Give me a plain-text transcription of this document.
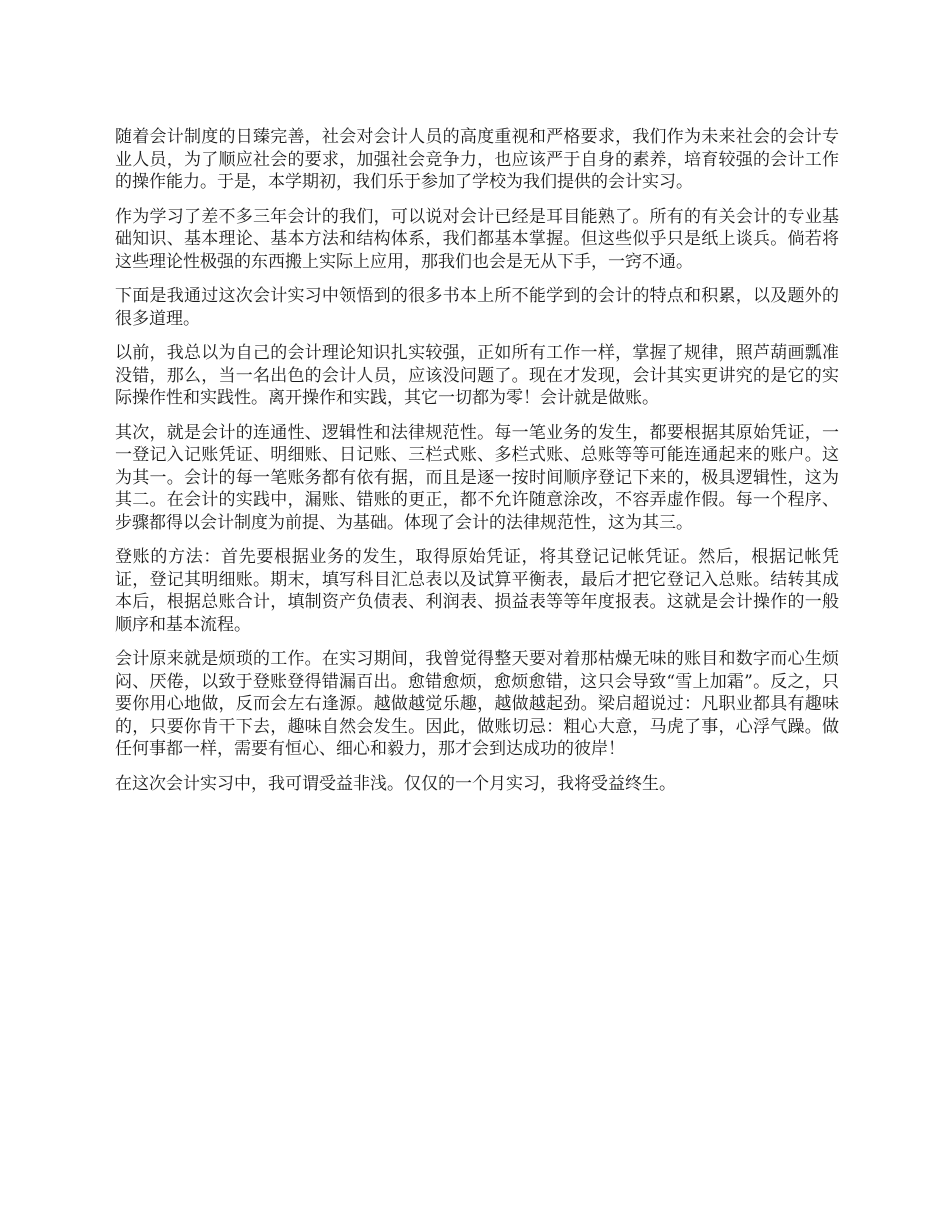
随着会计制度的日臻完善，社会对会计人员的高度重视和严格要求，我们作为未来社会的会计专业人员，为了顺应社会的要求，加强社会竞争力，也应该严于自身的素养，培育较强的会计工作的操作能力。于是，本学期初，我们乐于参加了学校为我们提供的会计实习。

作为学习了差不多三年会计的我们，可以说对会计已经是耳目能熟了。所有的有关会计的专业基础知识、基本理论、基本方法和结构体系，我们都基本掌握。但这些似乎只是纸上谈兵。倘若将这些理论性极强的东西搬上实际上应用，那我们也会是无从下手，一窍不通。

下面是我通过这次会计实习中领悟到的很多书本上所不能学到的会计的特点和积累，以及题外的很多道理。

以前，我总以为自己的会计理论知识扎实较强，正如所有工作一样，掌握了规律，照芦葫画瓢准没错，那么，当一名出色的会计人员，应该没问题了。现在才发现，会计其实更讲究的是它的实际操作性和实践性。离开操作和实践，其它一切都为零！会计就是做账。

其次，就是会计的连通性、逻辑性和法律规范性。每一笔业务的发生，都要根据其原始凭证，一一登记入记账凭证、明细账、日记账、三栏式账、多栏式账、总账等等可能连通起来的账户。这为其一。会计的每一笔账务都有依有据，而且是逐一按时间顺序登记下来的，极具逻辑性，这为其二。在会计的实践中，漏账、错账的更正，都不允许随意涂改，不容弄虚作假。每一个程序、步骤都得以会计制度为前提、为基础。体现了会计的法律规范性，这为其三。

登账的方法：首先要根据业务的发生，取得原始凭证，将其登记记帐凭证。然后，根据记帐凭证，登记其明细账。期末，填写科目汇总表以及试算平衡表，最后才把它登记入总账。结转其成本后，根据总账合计，填制资产负债表、利润表、损益表等等年度报表。这就是会计操作的一般顺序和基本流程。

会计原来就是烦琐的工作。在实习期间，我曾觉得整天要对着那枯燥无味的账目和数字而心生烦闷、厌倦，以致于登账登得错漏百出。愈错愈烦，愈烦愈错，这只会导致“雪上加霜”。反之，只要你用心地做，反而会左右逢源。越做越觉乐趣，越做越起劲。梁启超说过：凡职业都具有趣味的，只要你肯干下去，趣味自然会发生。因此，做账切忌：粗心大意，马虎了事，心浮气躁。做任何事都一样，需要有恒心、细心和毅力，那才会到达成功的彼岸！

在这次会计实习中，我可谓受益非浅。仅仅的一个月实习，我将受益终生。
